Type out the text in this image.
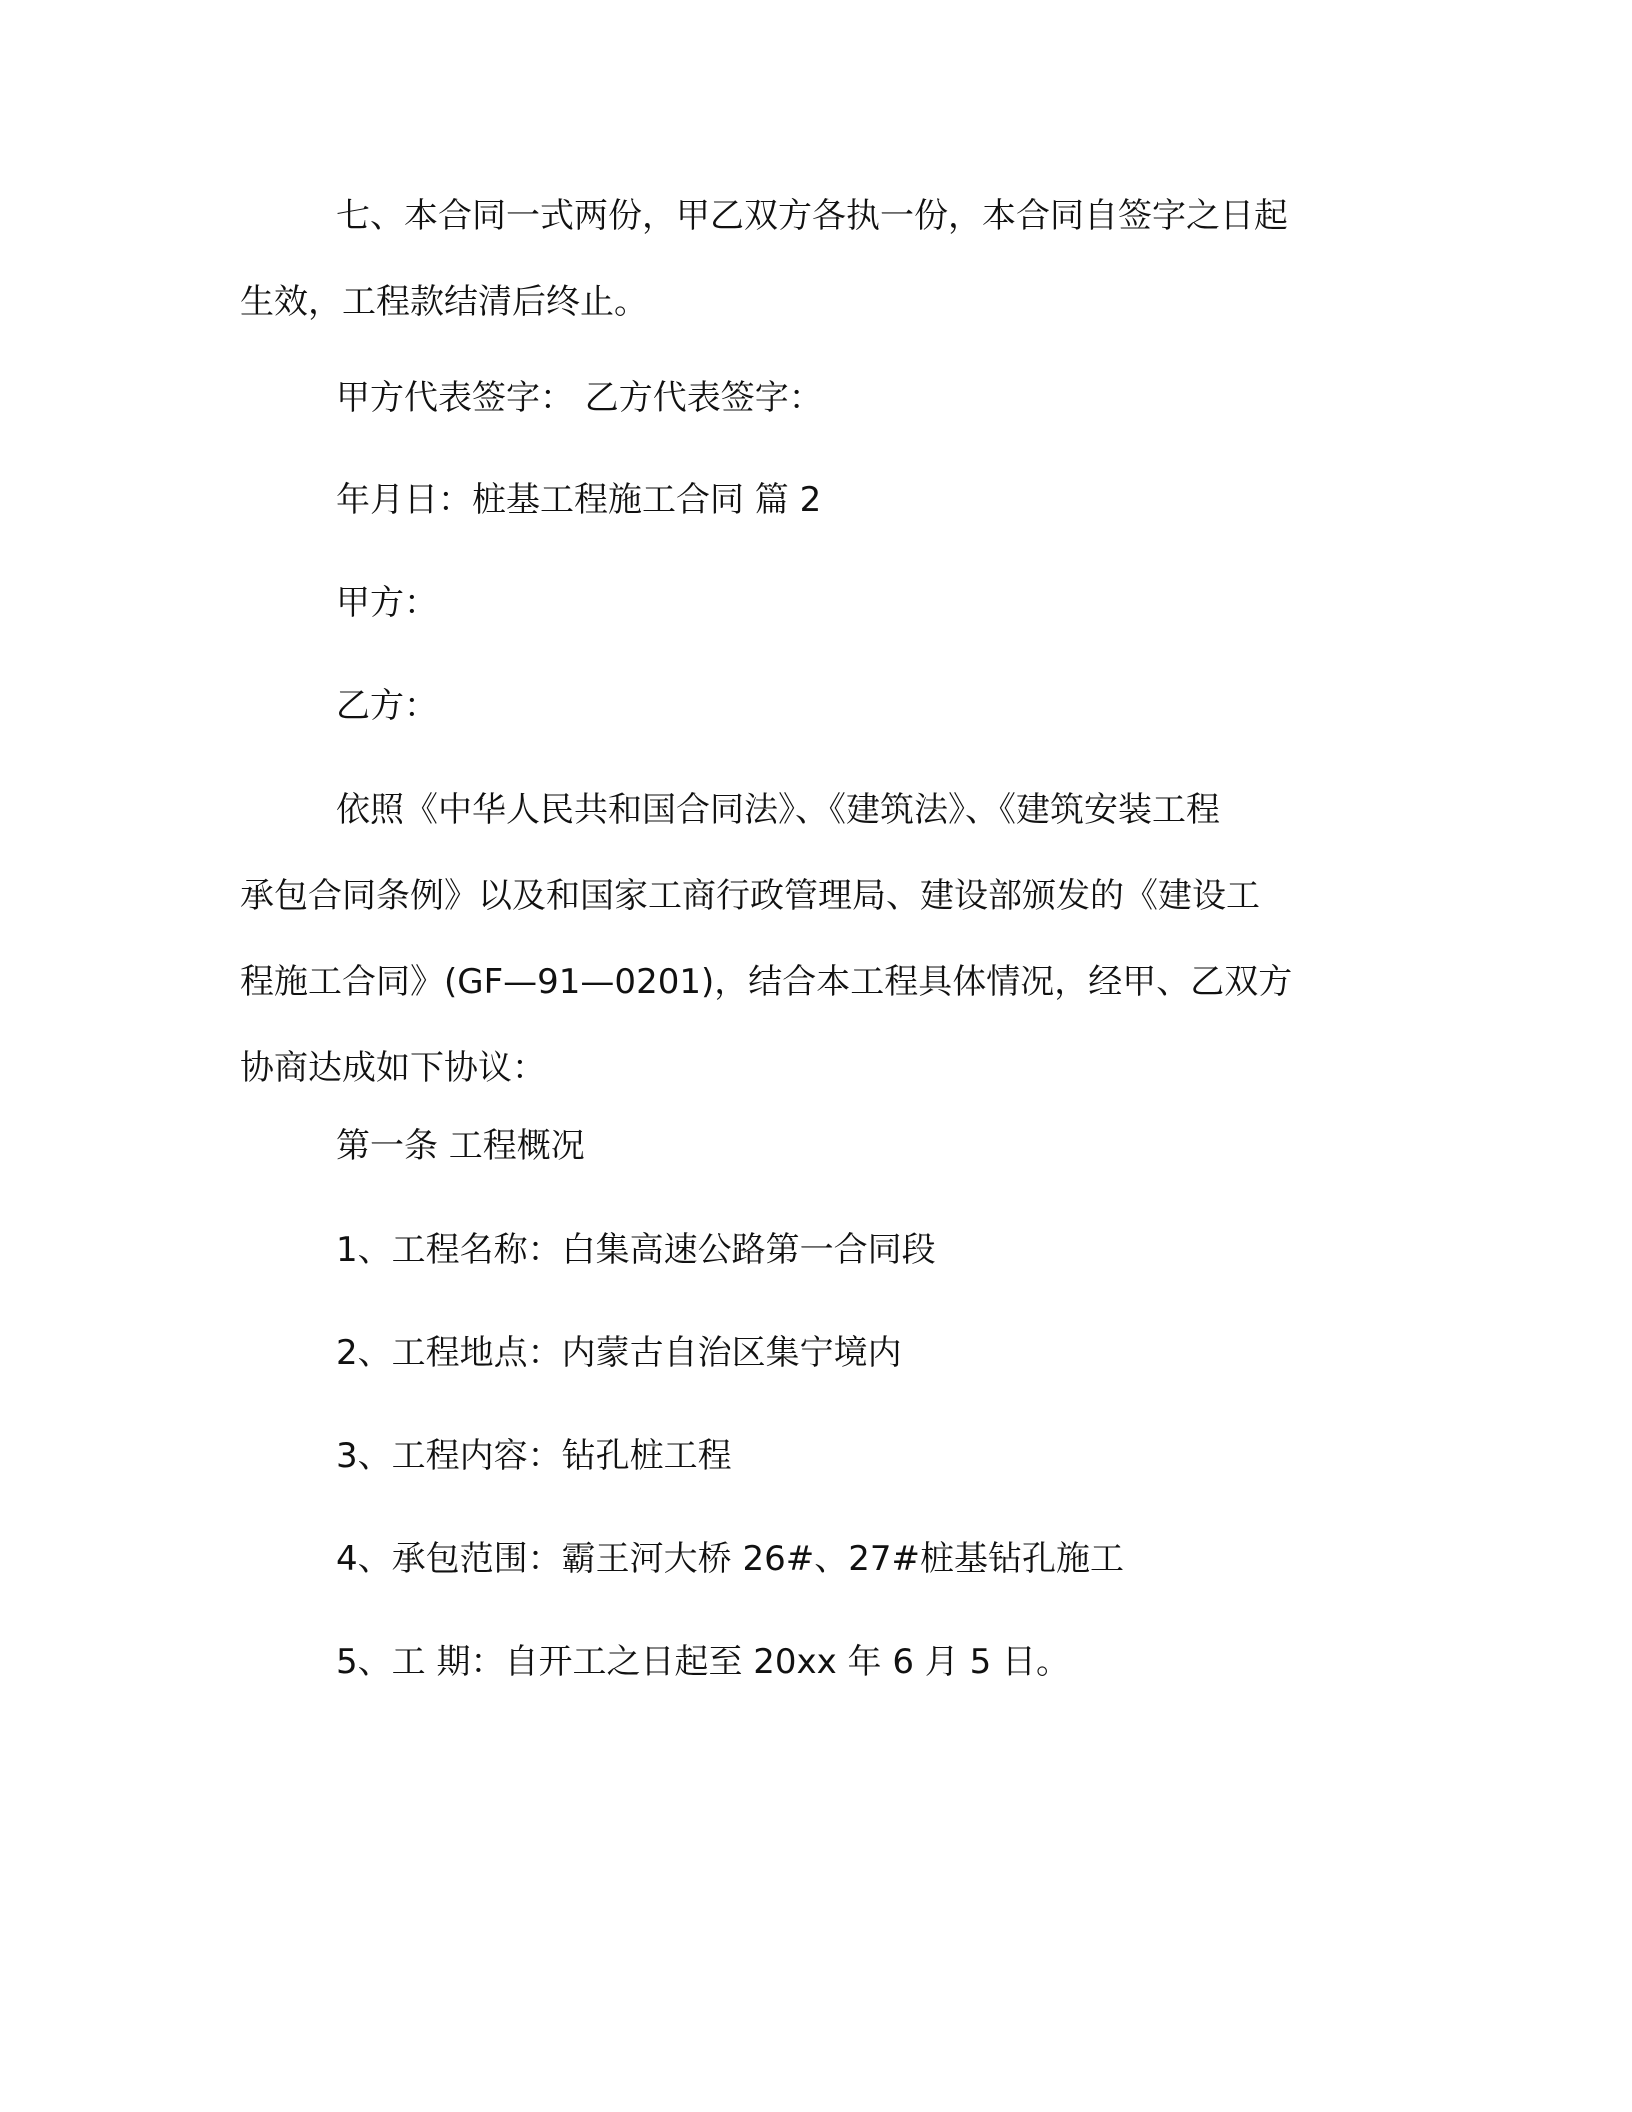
七、本合同一式两份，甲乙双方各执一份，本合同自签字之日起
生效，工程款结清后终止。
甲方代表签字： 乙方代表签字：
年月日：桩基工程施工合同 篇 2
甲方：
乙方：
依照《中华人民共和国合同法》、《建筑法》、《建筑安装工程
承包合同条例》以及和国家工商行政管理局、建设部颁发的《建设工
程施工合同》(GF—91—0201)，结合本工程具体情况，经甲、乙双方
协商达成如下协议：
第一条 工程概况
1、工程名称：白集高速公路第一合同段
2、工程地点：内蒙古自治区集宁境内
3、工程内容：钻孔桩工程
4、承包范围：霸王河大桥 26#、27#桩基钻孔施工
5、工 期：自开工之日起至 20xx 年 6 月 5 日。
